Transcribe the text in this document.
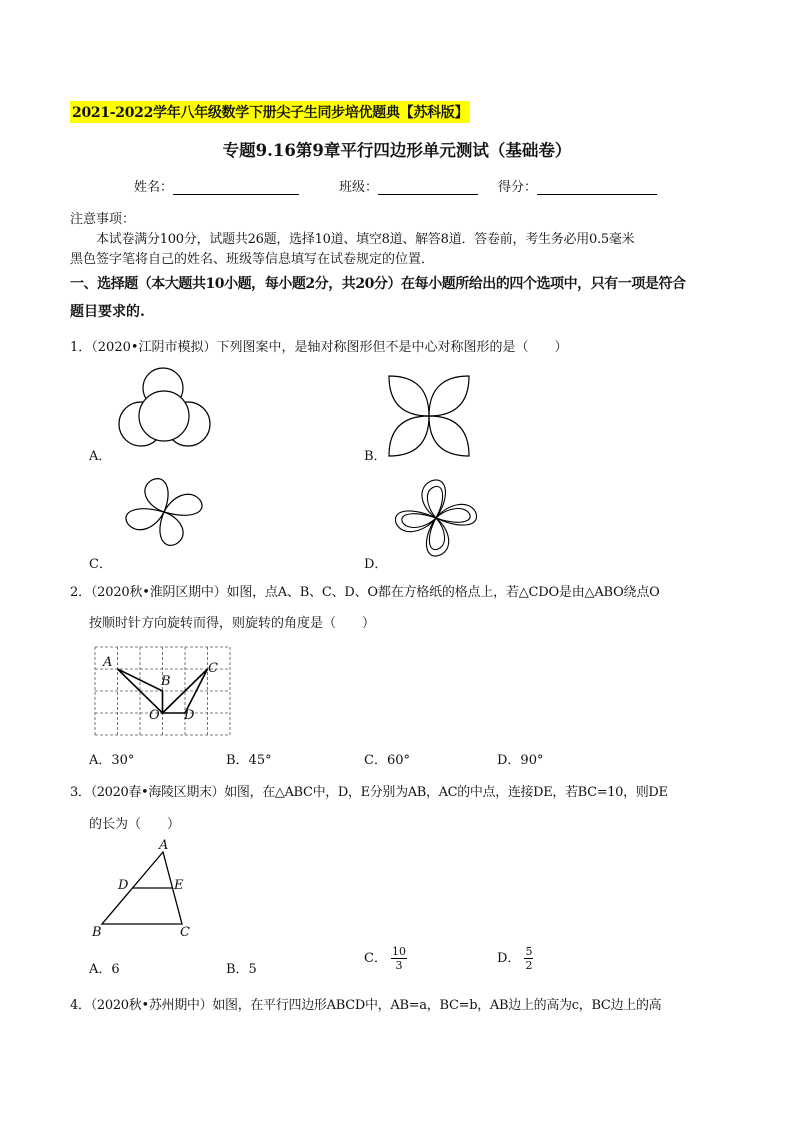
2021-2022学年八年级数学下册尖子生同步培优题典【苏科版】
专题9.16第9章平行四边形单元测试（基础卷）
姓名：	班级：	得分：
注意事项：
本试卷满分100分，试题共26题，选择10道、填空8道、解答8道．答卷前，考生务必用0.5毫米
黑色签字笔将自己的姓名、班级等信息填写在试卷规定的位置．
一、选择题（本大题共10小题，每小题2分，共20分）在每小题所给出的四个选项中，只有一项是符合
题目要求的.
1．（2020•江阴市模拟）下列图案中，是轴对称图形但不是中心对称图形的是（　　）
A．	B．
C．	D．
2．（2020秋•淮阴区期中）如图，点A、B、C、D、O都在方格纸的格点上，若△CDO是由△ABO绕点O
按顺时针方向旋转而得，则旋转的角度是（　　）
A
B
C
O D
A．30°	B．45°	C．60°	D．90°
3．（2020春•海陵区期末）如图，在△ABC中，D，E分别为AB，AC的中点，连接DE，若BC=10，则DE
的长为（　　）
A
D	E
B	C
A．6	B．5
C． $\frac{10}{3}$	D． $\frac{5}{2}$
4．（2020秋•苏州期中）如图，在平行四边形ABCD中，AB=a，BC=b，AB边上的高为c，BC边上的高
